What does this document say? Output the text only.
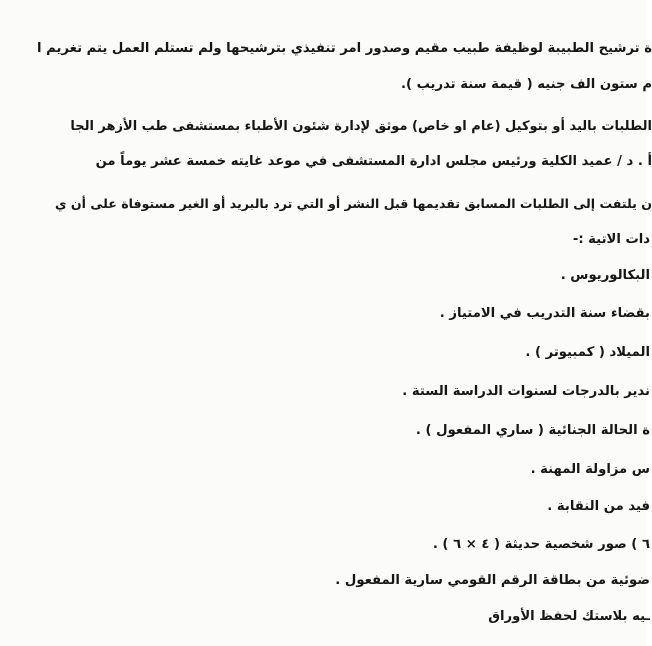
ة ترشيح الطبيبة لوظيفة طبيب مقيم وصدور امر تنفيذي بترشيحها ولم تستلم العمل يتم تغريم ا
م ستون الف جنيه ( قيمة سنة تدريب ).
الطلبات باليد أو بتوكيل (عام او خاص) موثق لإدارة شئون الأطباء بمستشفى طب الأزهر الجا
أ . د / عميد الكلية ورئيس مجلس ادارة المستشفى في موعد غايته خمسة عشر يوماً من
ن يلتفت إلى الطلبات المسابق تقديمها قبل النشر أو التي ترد بالبريد أو الغير مستوفاة على أن ي
دات الاتية :-
البكالوريوس .
بقضاء سنة التدريب في الامتياز .
الميلاد ( كمبيوتر ) .
ندير بالدرجات لسنوات الدراسة الستة .
ة الحالة الجنائية ( ساري المفعول ) .
س مزاولة المهنة .
فيد من النقابة .
٦ ) صور شخصية حديثة ( ٤ × ٦ ) .
ضوئية من بطاقة الرقم القومي سارية المفعول .
ـيه بلاستك لحفظ الأوراق
